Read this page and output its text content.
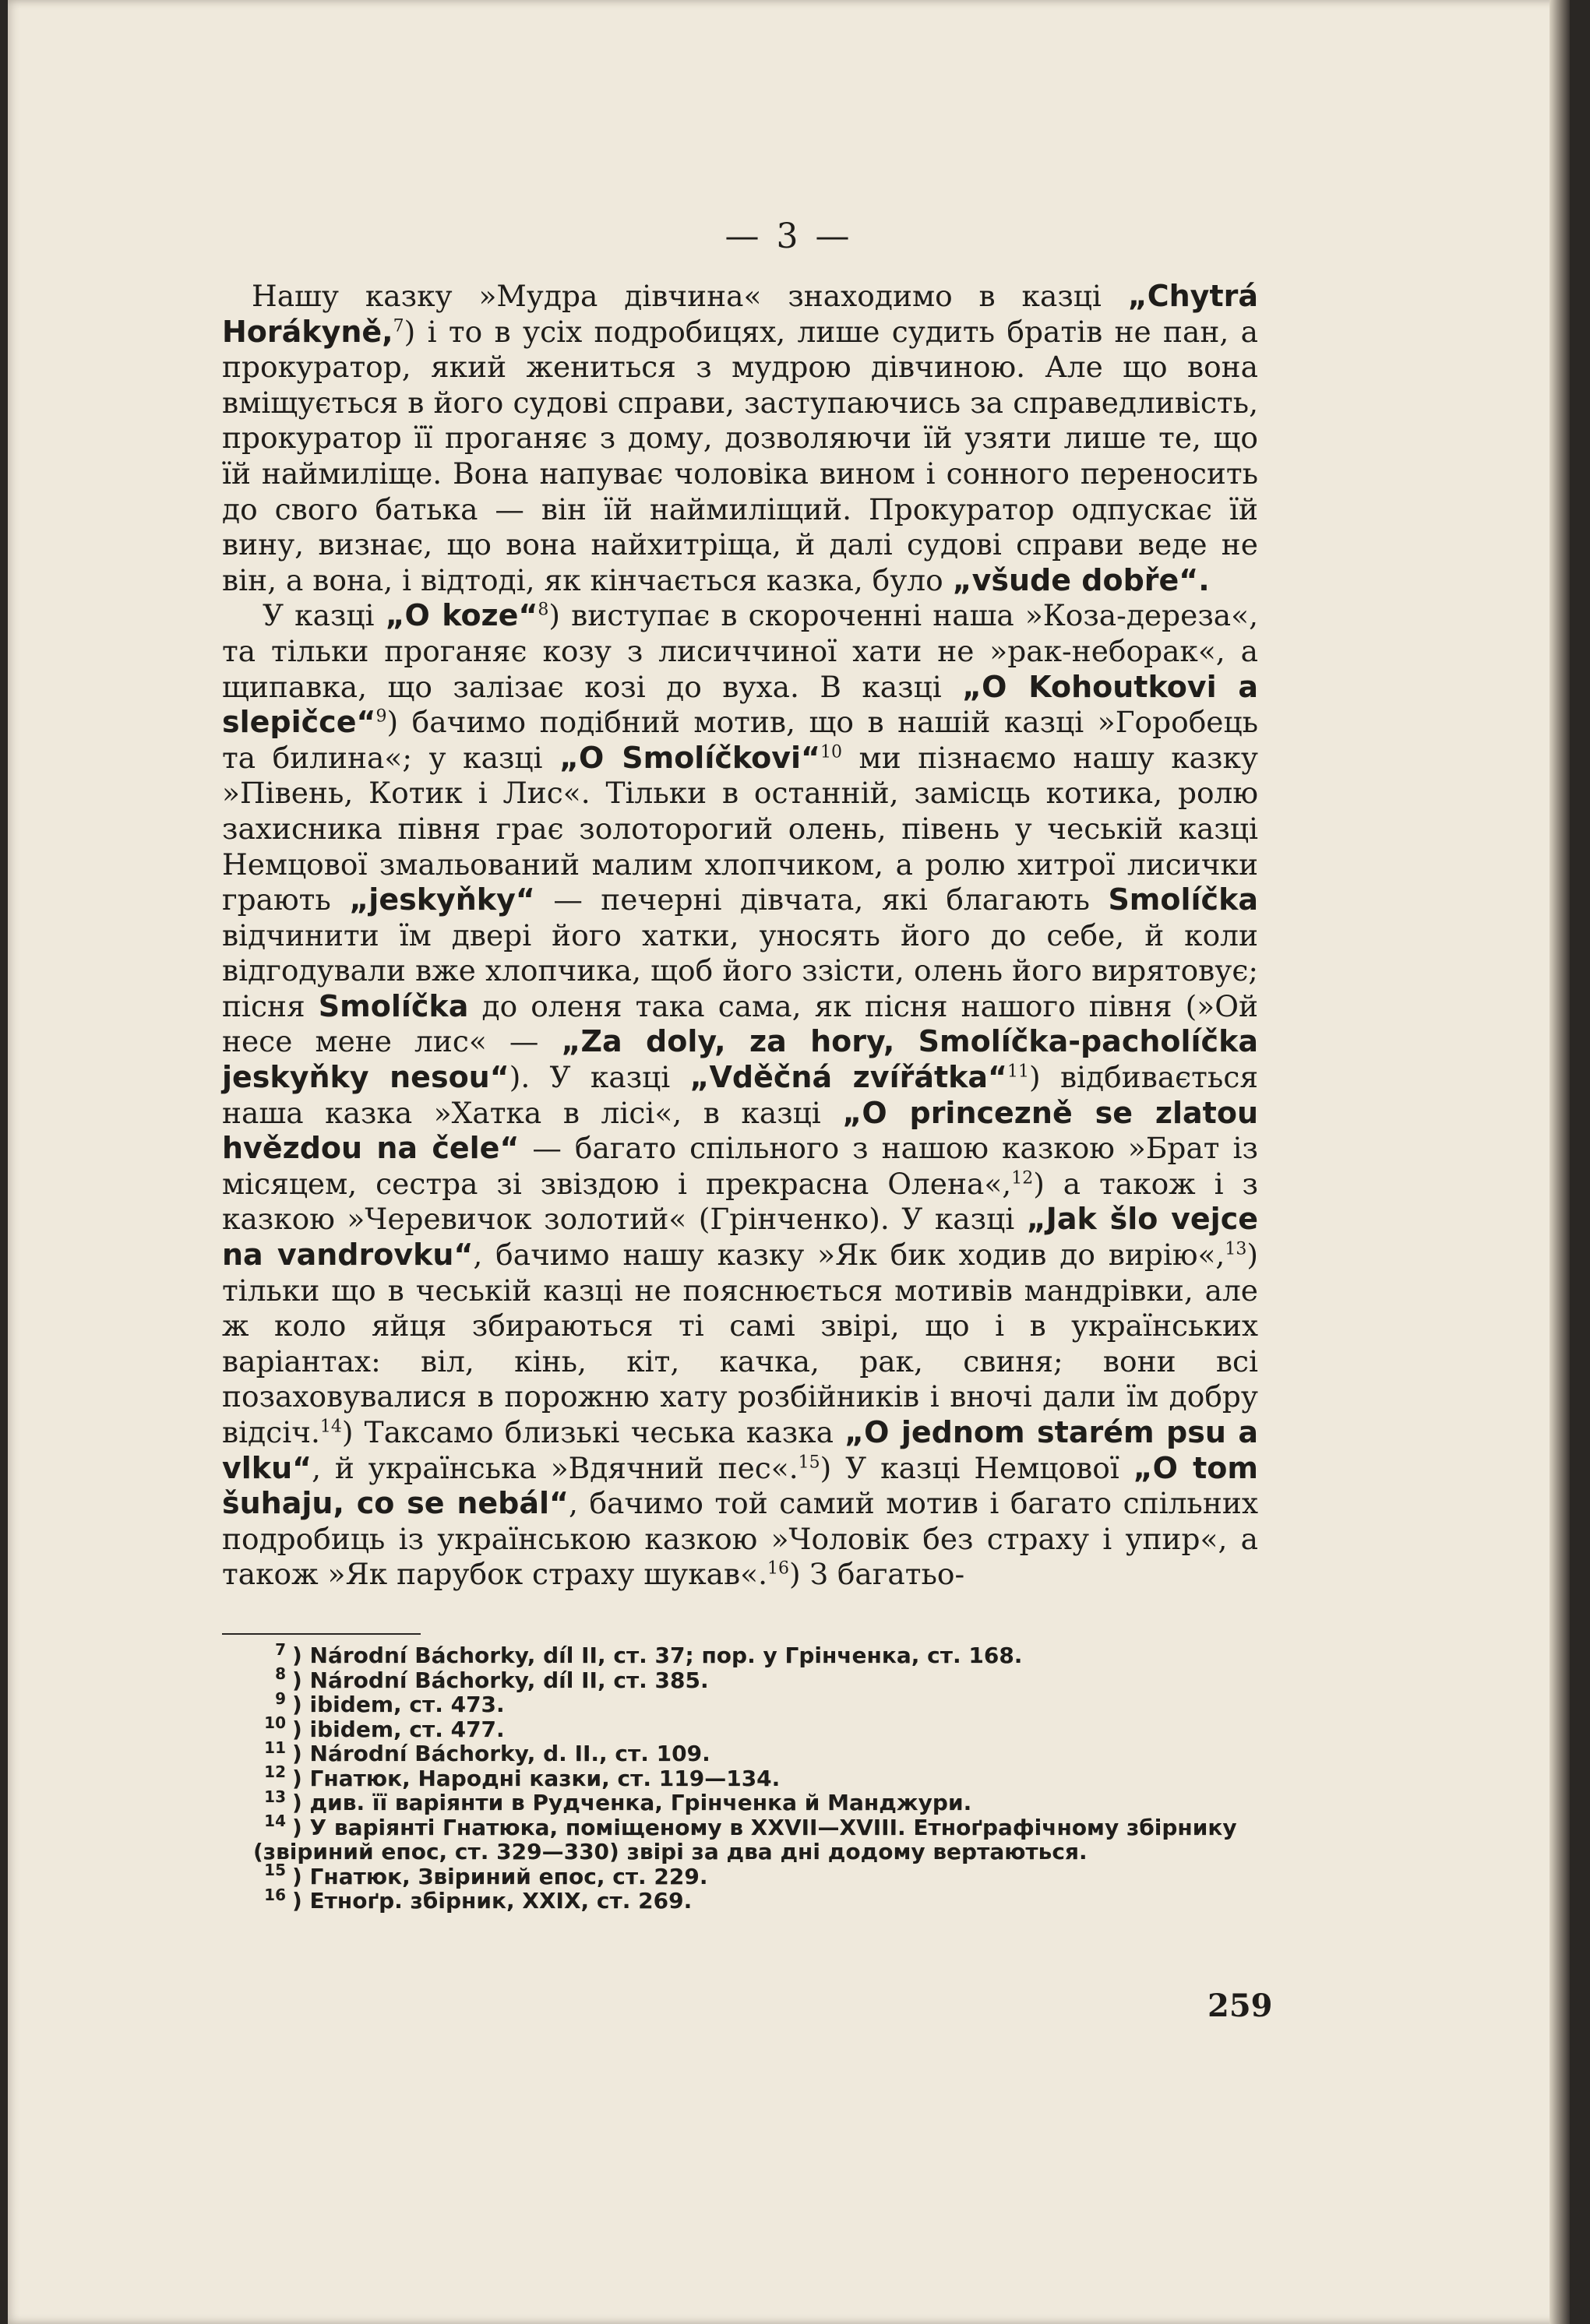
— 3 —

Нашу казку »Мудра дівчина« знаходимо в казці „Chytrá Horákyně,$^7$) і то в усіх подробицях, лише судить братів не пан, а прокуратор, який жениться з мудрою дівчиною. Але що вона вміщується в його судові справи, заступаючись за справедливість, прокуратор її проганяє з дому, дозволяючи їй узяти лише те, що їй наймиліще. Вона напуває чоловіка вином і сонного переносить до свого батька — він їй наймиліщий. Прокуратор одпускає їй вину, визнає, що вона найхитріща, й далі судові справи веде не він, а вона, і відтоді, як кінчається казка, було „všude dobře“.

У казці „O koze“$^8$) виступає в скороченні наша »Коза-дереза«, та тільки проганяє козу з лисиччиної хати не »рак-неборак«, а щипавка, що залізає козі до вуха. В казці „O Kohoutkovi a slepičce“$^9$) бачимо подібний мотив, що в нашій казці »Горобець та билина«; у казці „O Smolíčkovi“$^{10}$ ми пізнаємо нашу казку »Півень, Котик і Лис«. Тільки в останній, замісць котика, ролю захисника півня грає золоторогий олень, півень у чеській казці Немцової змальований малим хлопчиком, а ролю хитрої лисички грають „jeskyňky“ — печерні дівчата, які благають Smolíčka відчинити їм двері його хатки, уносять його до себе, й коли відгодували вже хлопчика, щоб його ззісти, олень його вирятовує; пісня Smolíčka до оленя така сама, як пісня нашого півня (»Ой несе мене лис« — „Za doly, za hory, Smolíčka-pacholíčka jeskyňky nesou“). У казці „Vděčná zvířátka“$^{11}$) відбивається наша казка »Хатка в лісі«, в казці „O princezně se zlatou hvězdou na čele“ — багато спільного з нашою казкою »Брат із місяцем, сестра зі звіздою і прекрасна Олена«,$^{12}$) а також і з казкою »Черевичок золотий« (Грінченко). У казці „Jak šlo vejce na vandrovku“, бачимо нашу казку »Як бик ходив до вирію«,$^{13}$) тільки що в чеській казці не пояснюється мотивів мандрівки, але ж коло яйця збираються ті самі звірі, що і в українських варіантах: віл, кінь, кіт, качка, рак, свиня; вони всі позаховувалися в порожню хату розбійників і вночі дали їм добру відсіч.$^{14}$) Таксамо близькі чеська казка „O jednom starém psu a vlku“, й українська »Вдячний пес«.$^{15}$) У казці Немцової „O tom šuhaju, co se nebál“, бачимо той самий мотив і багато спільних подробиць із українською казкою »Чоловік без страху і упир«, а також »Як парубок страху шукав«.$^{16}$) З багатьо-

7 ) Národní Báchorky, díl II, ст. 37; пор. у Грінченка, ст. 168.
8 ) Národní Báchorky, díl II, ст. 385.
9 ) ibidem, ст. 473.
10 ) ibidem, ст. 477.
11 ) Národní Báchorky, d. II., ст. 109.
12 ) Гнатюк, Народні казки, ст. 119—134.
13 ) див. її варіянти в Рудченка, Грінченка й Манджури.
14 ) У варіянті Гнатюка, поміщеному в XXVII—XVIII. Етноґрафічному збірнику (звіриний епос, ст. 329—330) звірі за два дні додому вертаються.
15 ) Гнатюк, Звіриний епос, ст. 229.
16 ) Етноґр. збірник, XXIX, ст. 269.
259
